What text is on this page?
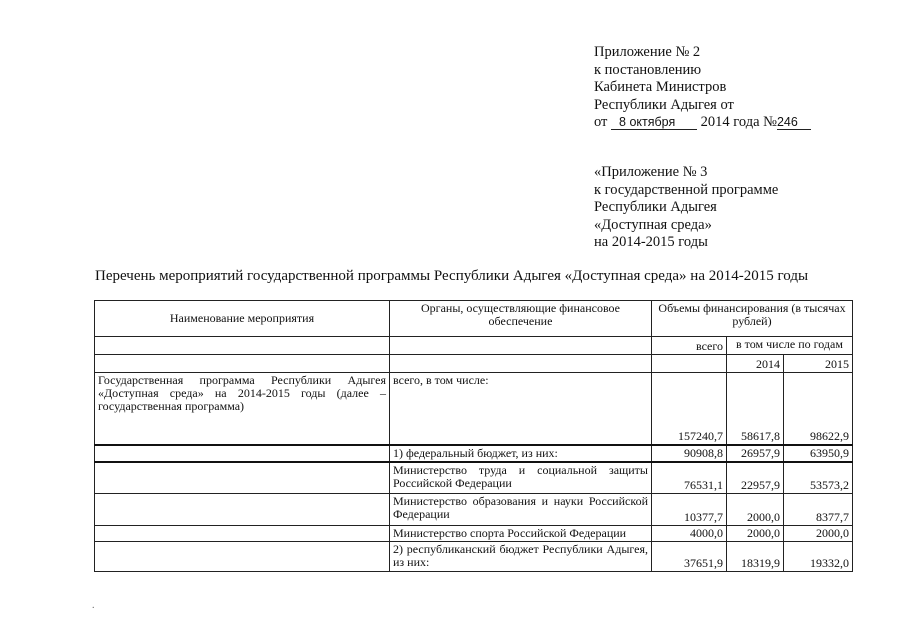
Приложение № 2
к постановлению
Кабинета Министров
Республики Адыгея от
от 8 октября 2014 года №246
«Приложение № 3
к государственной программе
Республики Адыгея
«Доступная среда»
на 2014-2015 годы
Перечень мероприятий государственной программы Республики Адыгея «Доступная среда» на 2014-2015 годы
Наименование мероприятия	Органы, осуществляющие финансовое обеспечение	Объемы финансирования (в тысячах рублей)		
		всего	в том числе по годам	
			2014	2015
Государственная программа Республики Адыгея «Доступная среда» на 2014-2015 годы (далее – государственная программа)	всего, в том числе:	157240,7	58617,8	98622,9
	1) федеральный бюджет, из них:	90908,8	26957,9	63950,9
	Министерство труда и социальной защиты Российской Федерации	76531,1	22957,9	53573,2
	Министерство образования и науки Российской Федерации	10377,7	2000,0	8377,7
	Министерство спорта Российской Федерации	4000,0	2000,0	2000,0
	2) республиканский бюджет Республики Адыгея, из них:	37651,9	18319,9	19332,0
.
